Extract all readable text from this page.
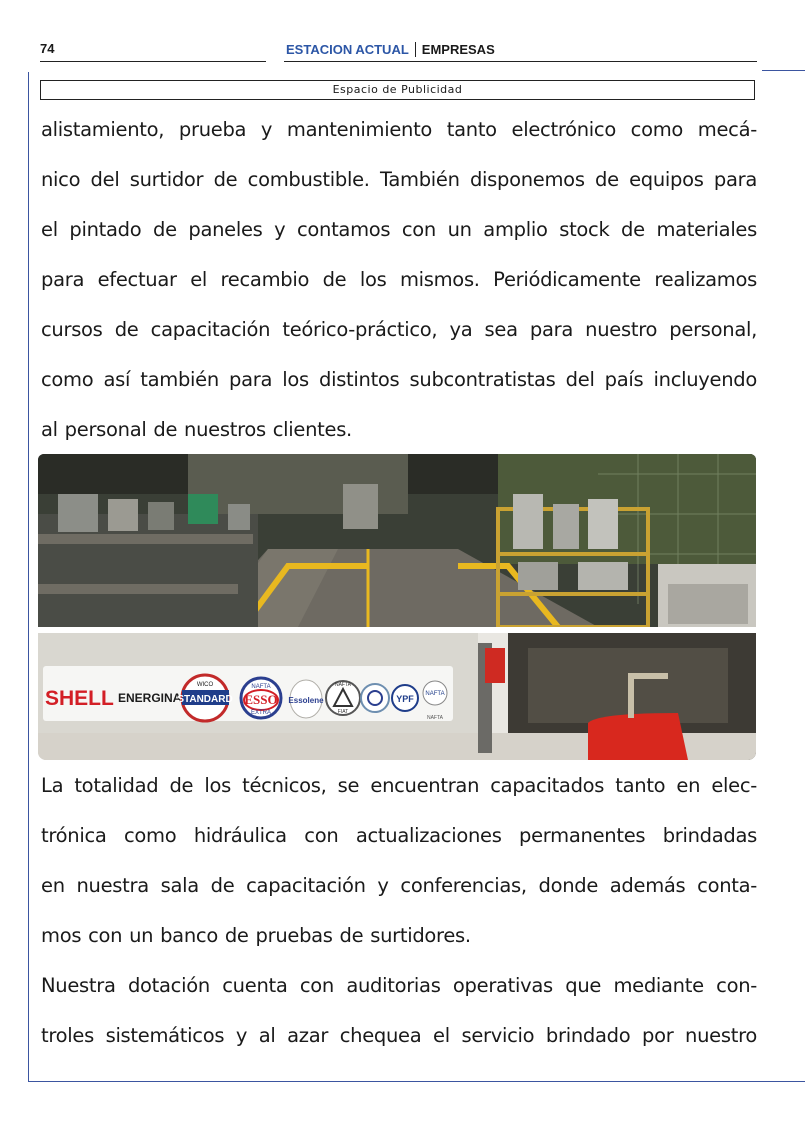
74	ESTACION ACTUAL EMPRESAS
Espacio de Publicidad
alistamiento, prueba y mantenimiento tanto electrónico como mecá-
nico del surtidor de combustible. También disponemos de equipos para
el pintado de paneles y contamos con un amplio stock de materiales
para efectuar el recambio de los mismos. Periódicamente realizamos
cursos de capacitación teórico-práctico, ya sea para nuestro personal,
como así también para los distintos subcontratistas del país incluyendo
al personal de nuestros clientes.
La totalidad de los técnicos, se encuentran capacitados tanto en elec-
trónica como hidráulica con actualizaciones permanentes brindadas
en nuestra sala de capacitación y conferencias, donde además conta-
mos con un banco de pruebas de surtidores.
Nuestra dotación cuenta con auditorias operativas que mediante con-
troles sistemáticos y al azar chequea el servicio brindado por nuestro
SHELL ENERGINA
STANDARD
WICO
ESSO
NAFTA
EXTRA
Essolene
NAFTA
FIAT
YPF NAFTA
NAFTA
